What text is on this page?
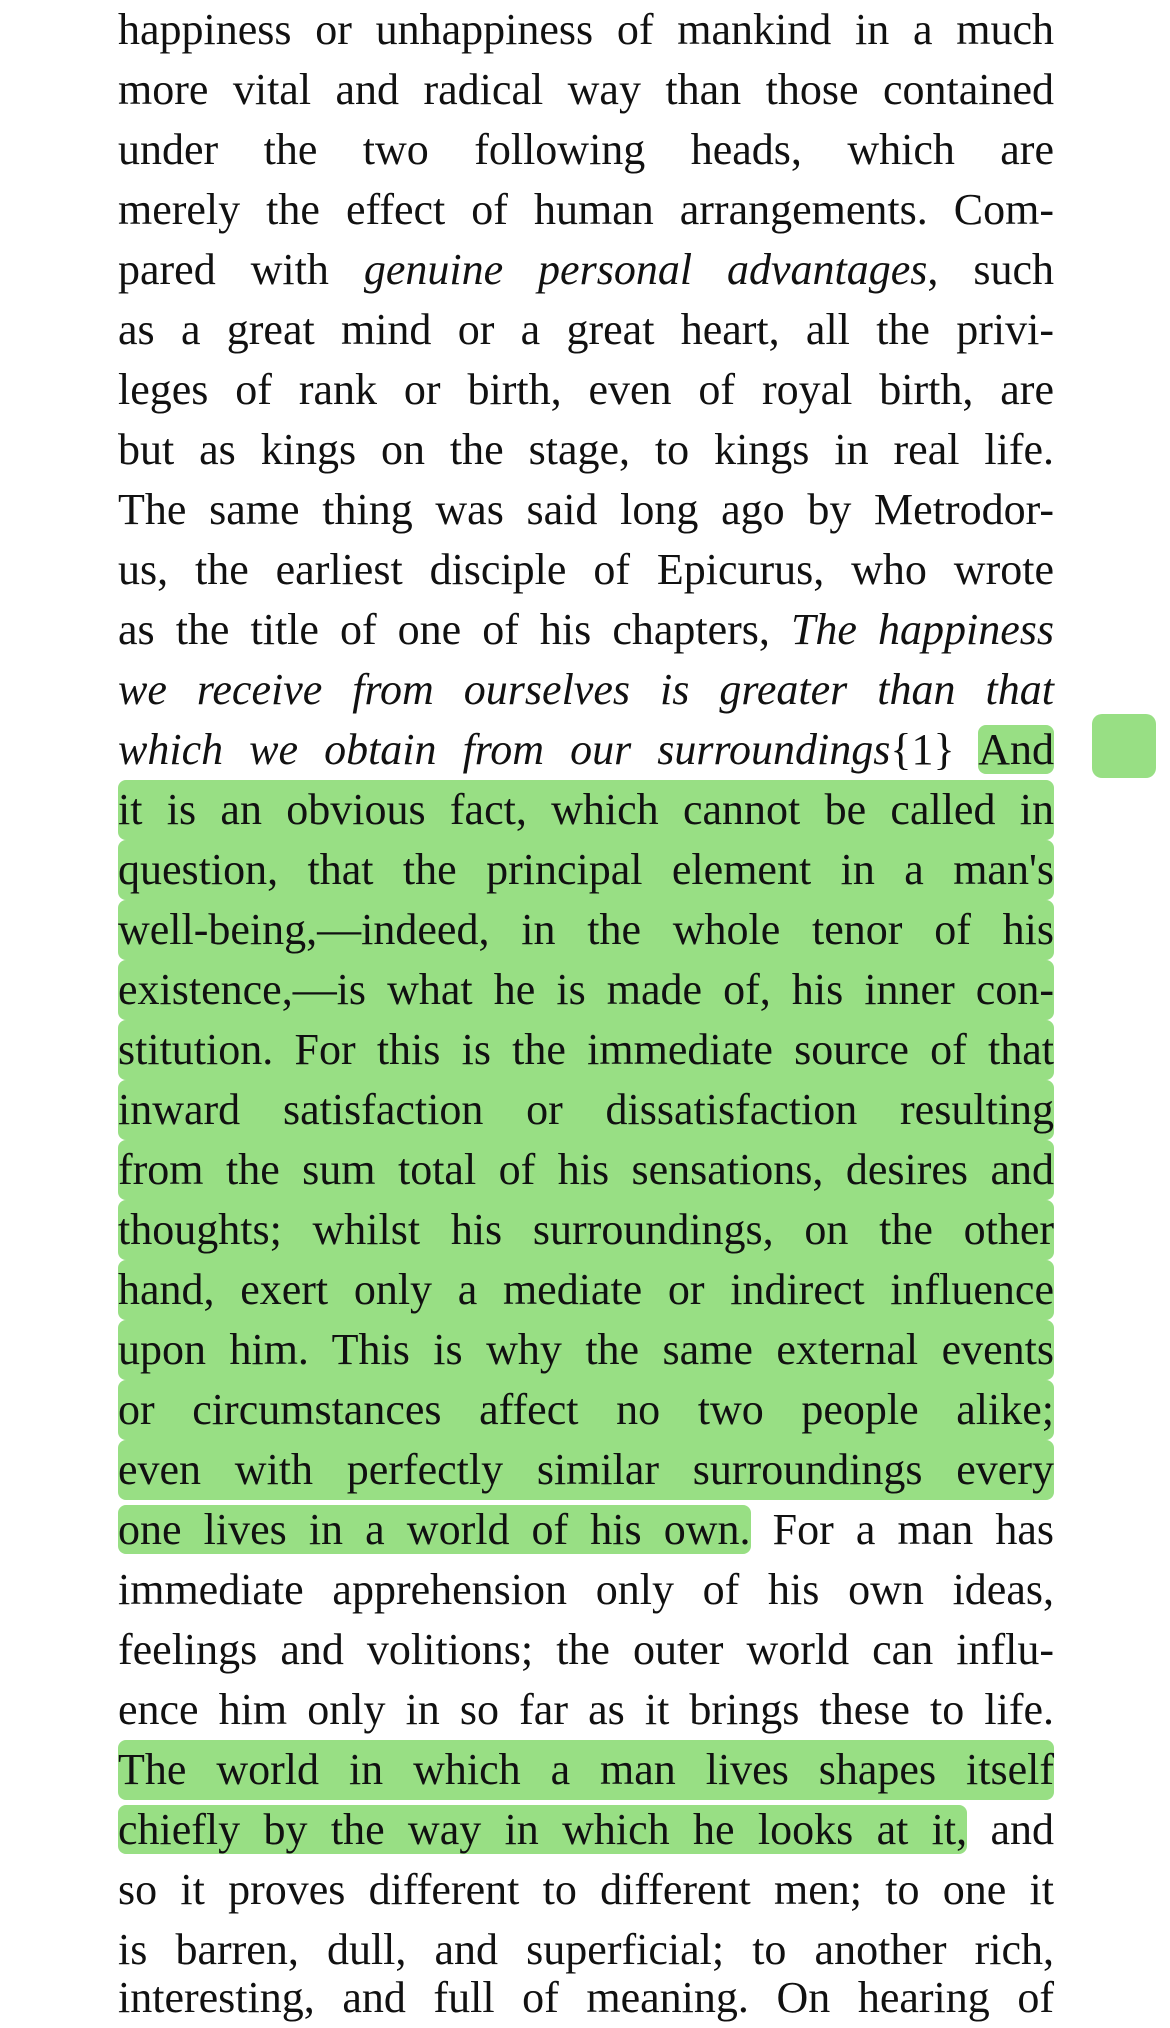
happiness or unhappiness of mankind in a much
more vital and radical way than those contained
under the two following heads, which are
merely the effect of human arrangements. Com-
pared with genuine personal advantages, such
as a great mind or a great heart, all the privi-
leges of rank or birth, even of royal birth, are
but as kings on the stage, to kings in real life.
The same thing was said long ago by Metrodor-
us, the earliest disciple of Epicurus, who wrote
as the title of one of his chapters, The happiness
we receive from ourselves is greater than that
which we obtain from our surroundings{1} And
it is an obvious fact, which cannot be called in
question, that the principal element in a man's
well-being,—indeed, in the whole tenor of his
existence,—is what he is made of, his inner con-
stitution. For this is the immediate source of that
inward satisfaction or dissatisfaction resulting
from the sum total of his sensations, desires and
thoughts; whilst his surroundings, on the other
hand, exert only a mediate or indirect influence
upon him. This is why the same external events
or circumstances affect no two people alike;
even with perfectly similar surroundings every
one lives in a world of his own. For a man has
immediate apprehension only of his own ideas,
feelings and volitions; the outer world can influ-
ence him only in so far as it brings these to life.
The world in which a man lives shapes itself
chiefly by the way in which he looks at it, and
so it proves different to different men; to one it
is barren, dull, and superficial; to another rich,
interesting, and full of meaning. On hearing of
